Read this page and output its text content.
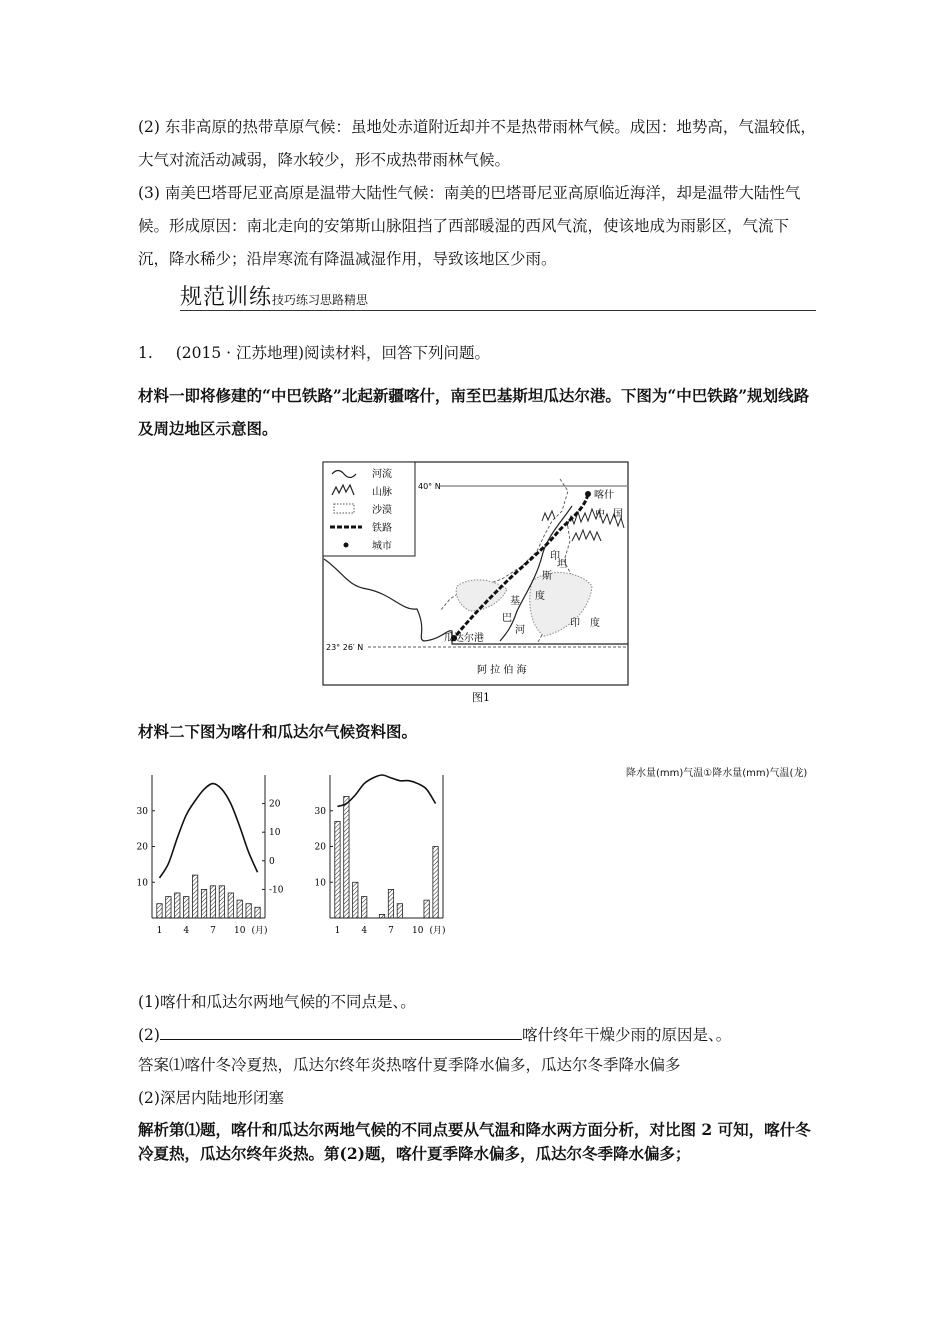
(2) 东非高原的热带草原气候：虽地处赤道附近却并不是热带雨林气候。成因：地势高，气温较低，大气对流活动减弱，降水较少，形不成热带雨林气候。
(3) 南美巴塔哥尼亚高原是温带大陆性气候：南美的巴塔哥尼亚高原临近海洋，却是温带大陆性气候。形成原因：南北走向的安第斯山脉阻挡了西部暖湿的西风气流，使该地成为雨影区，气流下沉，降水稀少；沿岸寒流有降温减湿作用，导致该地区少雨。
规范训练技巧练习思路精思
1. (2015 · 江苏地理)阅读材料，回答下列问题。
材料一即将修建的“中巴铁路”北起新疆喀什，南至巴基斯坦瓜达尔港。下图为“中巴铁路”规划线路及周边地区示意图。
河流
山脉
沙漠
铁路
城市
40° N
喀什
中 国
印
斯
坦
基 度
巴
河
印　度
瓜达尔港
23° 26′ N
阿 拉 伯 海
图1
材料二下图为喀什和瓜达尔气候资料图。
降水量(mm)气温①降水量(mm)气温(龙)
30
20
10
20
10
0
-10
1 4 7 10 (月)
30
20
10
1 4 7 10 (月)
(1)喀什和瓜达尔两地气候的不同点是、。
(2)	喀什终年干燥少雨的原因是、。
答案⑴喀什冬冷夏热，瓜达尔终年炎热喀什夏季降水偏多，瓜达尔冬季降水偏多
(2)深居内陆地形闭塞
解析第⑴题，喀什和瓜达尔两地气候的不同点要从气温和降水两方面分析，对比图 2 可知，喀什冬冷夏热，瓜达尔终年炎热。第(2)题，喀什夏季降水偏多，瓜达尔冬季降水偏多；
